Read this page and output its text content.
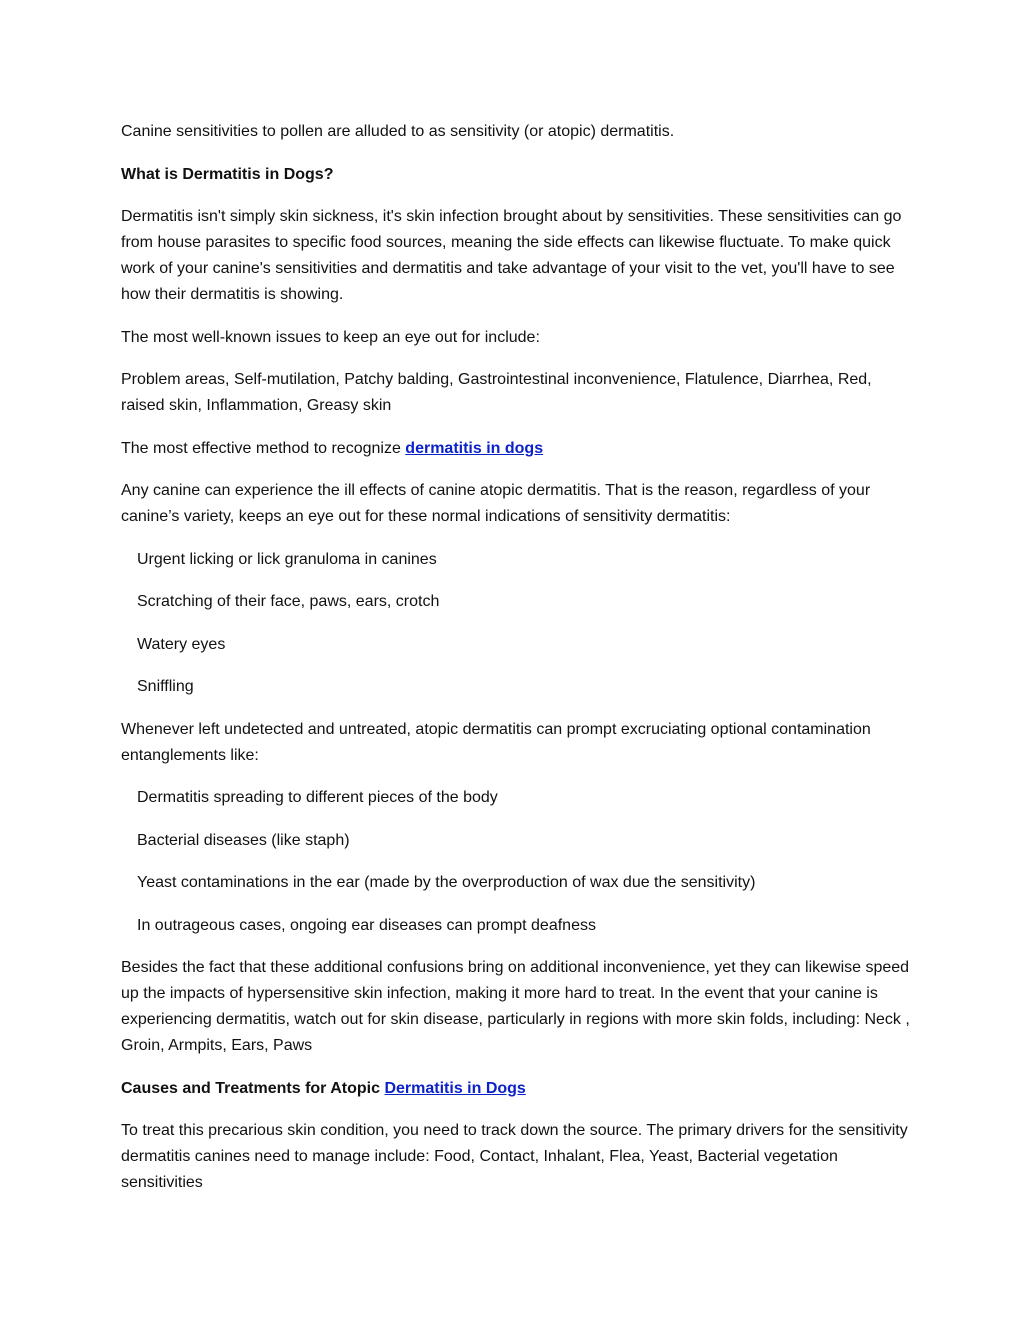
Canine sensitivities to pollen are alluded to as sensitivity (or atopic) dermatitis.

What is Dermatitis in Dogs?

Dermatitis isn't simply skin sickness, it's skin infection brought about by sensitivities. These sensitivities can go from house parasites to specific food sources, meaning the side effects can likewise fluctuate. To make quick work of your canine's sensitivities and dermatitis and take advantage of your visit to the vet, you'll have to see how their dermatitis is showing.

The most well-known issues to keep an eye out for include:

Problem areas, Self-mutilation, Patchy balding, Gastrointestinal inconvenience, Flatulence, Diarrhea, Red, raised skin, Inflammation, Greasy skin

The most effective method to recognize dermatitis in dogs

Any canine can experience the ill effects of canine atopic dermatitis. That is the reason, regardless of your canine’s variety, keeps an eye out for these normal indications of sensitivity dermatitis:

Urgent licking or lick granuloma in canines

Scratching of their face, paws, ears, crotch

Watery eyes

Sniffling

Whenever left undetected and untreated, atopic dermatitis can prompt excruciating optional contamination entanglements like:

Dermatitis spreading to different pieces of the body

Bacterial diseases (like staph)

Yeast contaminations in the ear (made by the overproduction of wax due the sensitivity)

In outrageous cases, ongoing ear diseases can prompt deafness

Besides the fact that these additional confusions bring on additional inconvenience, yet they can likewise speed up the impacts of hypersensitive skin infection, making it more hard to treat. In the event that your canine is experiencing dermatitis, watch out for skin disease, particularly in regions with more skin folds, including: Neck , Groin, Armpits, Ears, Paws

Causes and Treatments for Atopic Dermatitis in Dogs

To treat this precarious skin condition, you need to track down the source. The primary drivers for the sensitivity dermatitis canines need to manage include: Food, Contact, Inhalant, Flea, Yeast, Bacterial vegetation sensitivities
